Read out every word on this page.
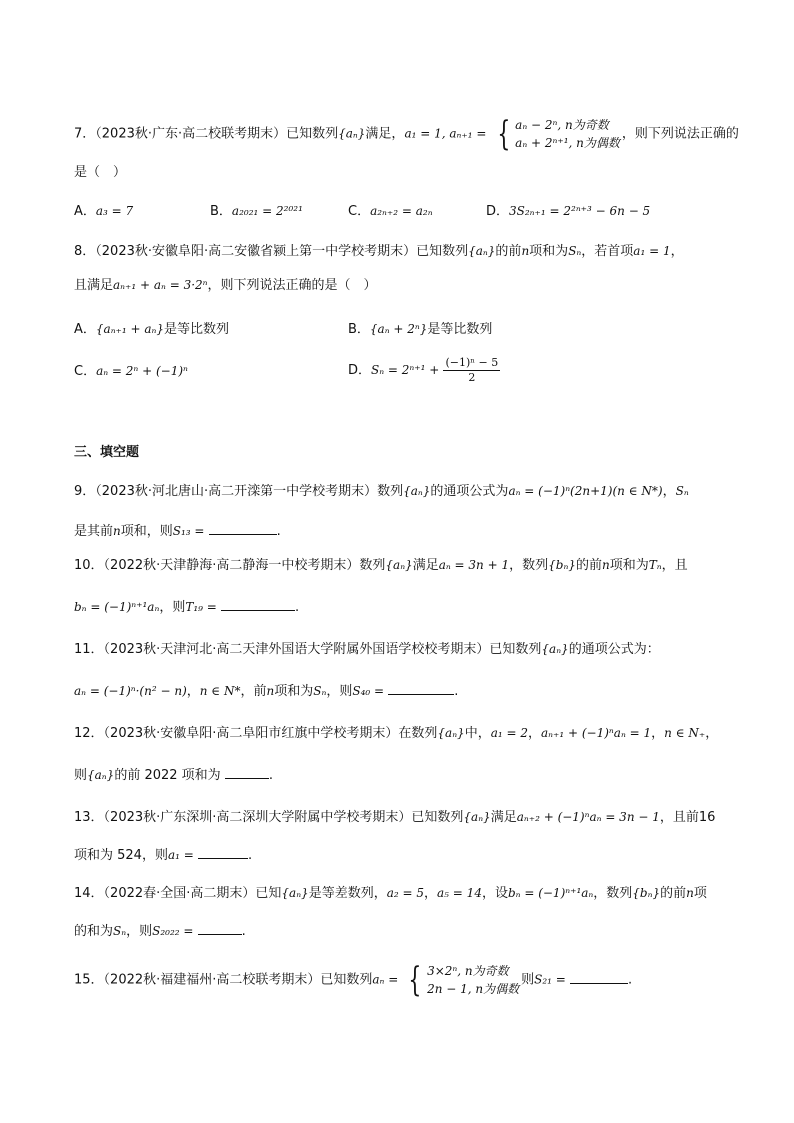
7．（2023秋·广东·高二校联考期末）已知数列{aₙ}满足，a₁ = 1, aₙ₊₁ = { aₙ − 2ⁿ, n为奇数
aₙ + 2ⁿ⁺¹, n为偶数
，则下列说法正确的
是（　）
A．a₃ = 7	B．a₂₀₂₁ = 2²⁰²¹	C．a₂ₙ₊₂ = a₂ₙ	D．3S₂ₙ₊₁ = 2²ⁿ⁺³ − 6n − 5
8．（2023秋·安徽阜阳·高二安徽省颍上第一中学校考期末）已知数列{aₙ}的前n项和为Sₙ，若首项a₁ = 1，
且满足aₙ₊₁ + aₙ = 3·2ⁿ，则下列说法正确的是（　）
A．{aₙ₊₁ + aₙ}是等比数列	B．{aₙ + 2ⁿ}是等比数列
C．aₙ = 2ⁿ + (−1)ⁿ	D．$S_n = 2^{n+1} + \frac{\text{(−1)ⁿ − 5}}{2}$
三、填空题
9．（2023秋·河北唐山·高二开滦第一中学校考期末）数列{aₙ}的通项公式为aₙ = (−1)ⁿ(2n+1)(n ∈ N*)，Sₙ
是其前n项和，则S₁₃ =	.
10．（2022秋·天津静海·高二静海一中校考期末）数列{aₙ}满足aₙ = 3n + 1，数列{bₙ}的前n项和为Tₙ，且
bₙ = (−1)ⁿ⁺¹aₙ，则T₁₉ =	.
11．（2023秋·天津河北·高二天津外国语大学附属外国语学校校考期末）已知数列{aₙ}的通项公式为：
aₙ = (−1)ⁿ·(n² − n)，n ∈ N*，前n项和为Sₙ，则S₄₀ =	.
12．（2023秋·安徽阜阳·高二阜阳市红旗中学校考期末）在数列{aₙ}中，a₁ = 2，aₙ₊₁ + (−1)ⁿaₙ = 1，n ∈ N₊，
则{aₙ}的前 2022 项和为	.
13．（2023秋·广东深圳·高二深圳大学附属中学校考期末）已知数列{aₙ}满足aₙ₊₂ + (−1)ⁿaₙ = 3n − 1，且前16
项和为 524，则a₁ =	.
14．（2022春·全国·高二期末）已知{aₙ}是等差数列，a₂ = 5，a₅ = 14，设bₙ = (−1)ⁿ⁺¹aₙ，数列{bₙ}的前n项
的和为Sₙ，则S₂₀₂₂ =	.
15．（2022秋·福建福州·高二校联考期末）已知数列aₙ = { 3×2ⁿ, n为奇数
2n − 1, n为偶数
则S₂₁ =	.
